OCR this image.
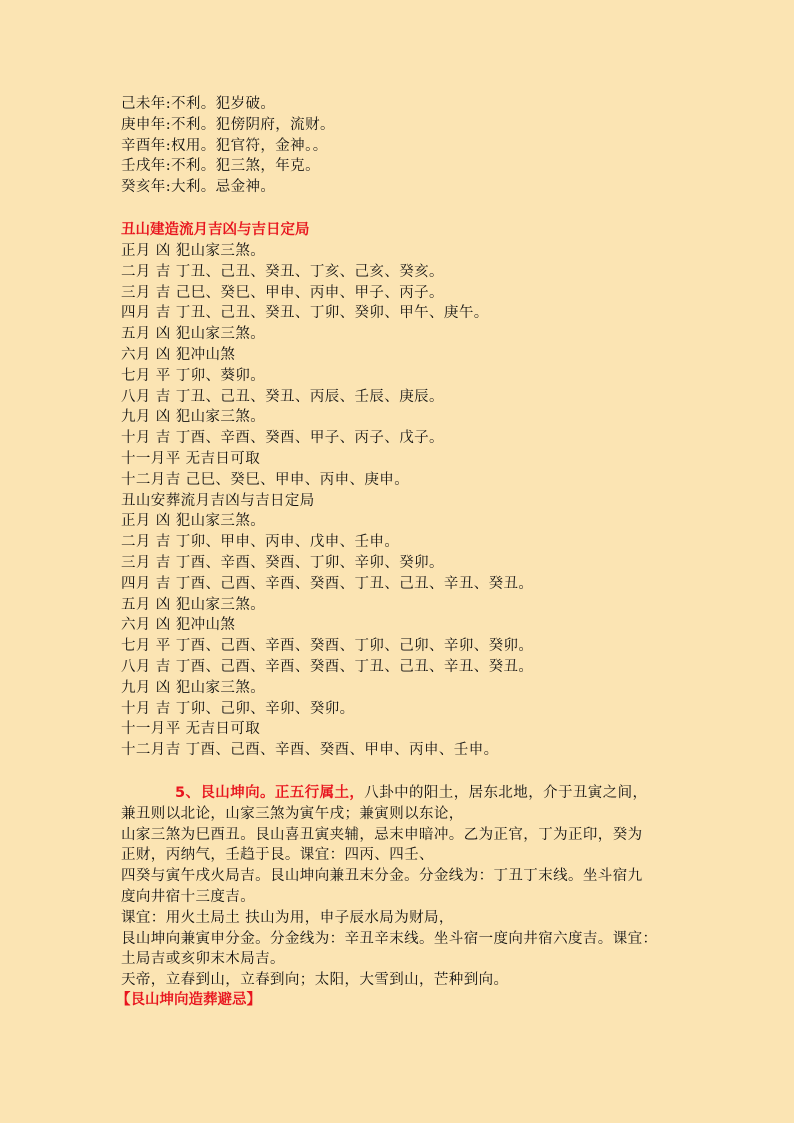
己未年:不利。犯岁破。
庚申年:不利。犯傍阴府，流财。
辛酉年:权用。犯官符，金神。。
壬戌年:不利。犯三煞，年克。
癸亥年:大利。忌金神。
丑山建造流月吉凶与吉日定局
正月 凶 犯山家三煞。
二月 吉 丁丑、己丑、癸丑、丁亥、己亥、癸亥。
三月 吉 己巳、癸巳、甲申、丙申、甲子、丙子。
四月 吉 丁丑、己丑、癸丑、丁卯、癸卯、甲午、庚午。
五月 凶 犯山家三煞。
六月 凶 犯冲山煞
七月 平 丁卯、葵卯。
八月 吉 丁丑、己丑、癸丑、丙辰、壬辰、庚辰。
九月 凶 犯山家三煞。
十月 吉 丁酉、辛酉、癸酉、甲子、丙子、戊子。
十一月平 无吉日可取
十二月吉 己巳、癸巳、甲申、丙申、庚申。
丑山安葬流月吉凶与吉日定局
正月 凶 犯山家三煞。
二月 吉 丁卯、甲申、丙申、戊申、壬申。
三月 吉 丁酉、辛酉、癸酉、丁卯、辛卯、癸卯。
四月 吉 丁酉、己酉、辛酉、癸酉、丁丑、己丑、辛丑、癸丑。
五月 凶 犯山家三煞。
六月 凶 犯冲山煞
七月 平 丁酉、己酉、辛酉、癸酉、丁卯、己卯、辛卯、癸卯。
八月 吉 丁酉、己酉、辛酉、癸酉、丁丑、己丑、辛丑、癸丑。
九月 凶 犯山家三煞。
十月 吉 丁卯、己卯、辛卯、癸卯。
十一月平 无吉日可取
十二月吉 丁酉、己酉、辛酉、癸酉、甲申、丙申、壬申。
5、艮山坤向。正五行属土，八卦中的阳土，居东北地，介于丑寅之间，
兼丑则以北论，山家三煞为寅午戌；兼寅则以东论，
山家三煞为巳酉丑。艮山喜丑寅夹辅，忌末申暗冲。乙为正官，丁为正印，癸为
正财，丙纳气，壬趋于艮。课宜：四丙、四壬、
四癸与寅午戌火局吉。艮山坤向兼丑末分金。分金线为：丁丑丁末线。坐斗宿九
度向井宿十三度吉。
课宜：用火土局土 扶山为用，申子辰水局为财局，
艮山坤向兼寅申分金。分金线为：辛丑辛末线。坐斗宿一度向井宿六度吉。课宜：
土局吉或亥卯末木局吉。
天帝，立春到山，立春到向；太阳，大雪到山，芒种到向。
【艮山坤向造葬避忌】
